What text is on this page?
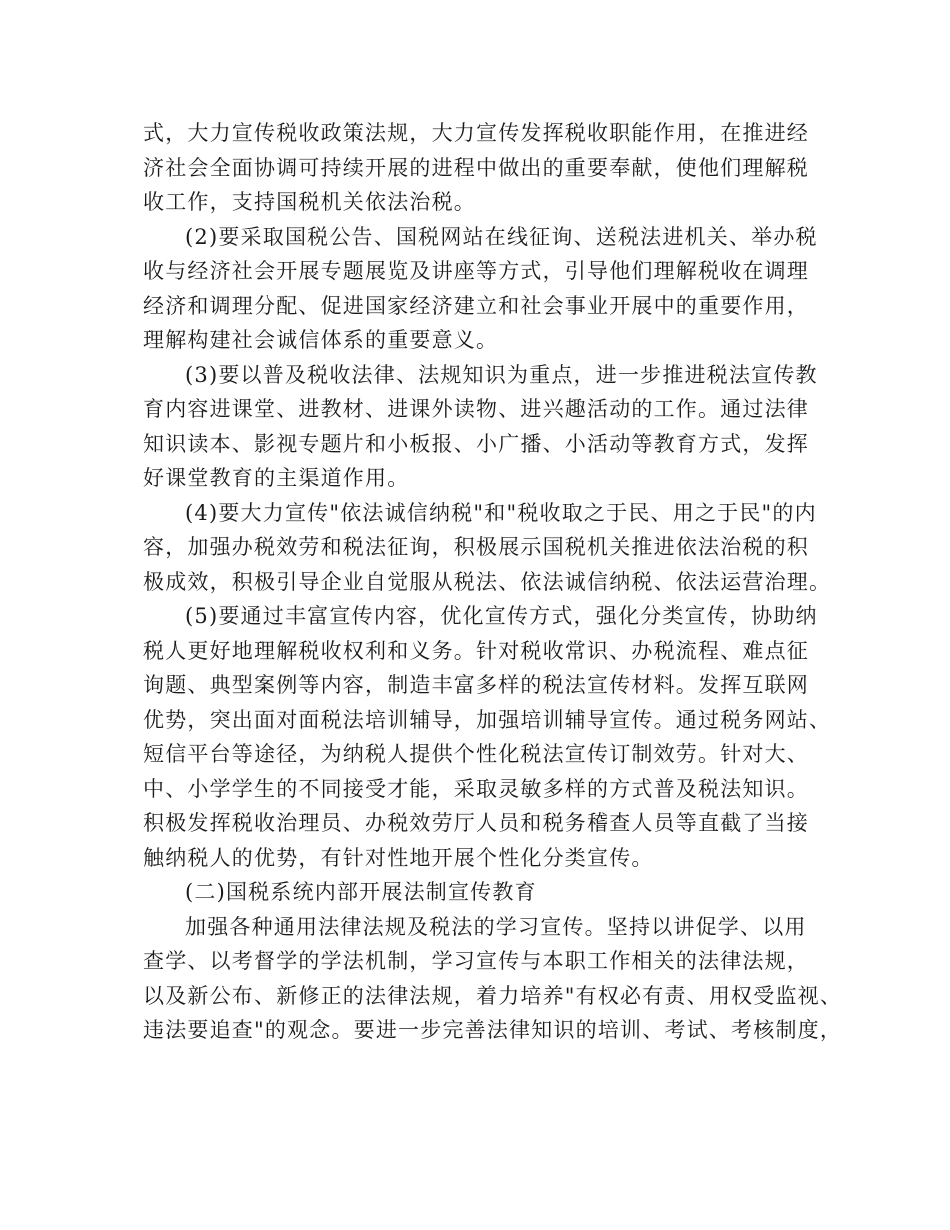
式，大力宣传税收政策法规，大力宣传发挥税收职能作用，在推进经
济社会全面协调可持续开展的进程中做出的重要奉献，使他们理解税
收工作，支持国税机关依法治税。
(2)要采取国税公告、国税网站在线征询、送税法进机关、举办税
收与经济社会开展专题展览及讲座等方式，引导他们理解税收在调理
经济和调理分配、促进国家经济建立和社会事业开展中的重要作用，
理解构建社会诚信体系的重要意义。
(3)要以普及税收法律、法规知识为重点，进一步推进税法宣传教
育内容进课堂、进教材、进课外读物、进兴趣活动的工作。通过法律
知识读本、影视专题片和小板报、小广播、小活动等教育方式，发挥
好课堂教育的主渠道作用。
(4)要大力宣传"依法诚信纳税"和"税收取之于民、用之于民"的内
容，加强办税效劳和税法征询，积极展示国税机关推进依法治税的积
极成效，积极引导企业自觉服从税法、依法诚信纳税、依法运营治理。
(5)要通过丰富宣传内容，优化宣传方式，强化分类宣传，协助纳
税人更好地理解税收权利和义务。针对税收常识、办税流程、难点征
询题、典型案例等内容，制造丰富多样的税法宣传材料。发挥互联网
优势，突出面对面税法培训辅导，加强培训辅导宣传。通过税务网站、
短信平台等途径，为纳税人提供个性化税法宣传订制效劳。针对大、
中、小学学生的不同接受才能，采取灵敏多样的方式普及税法知识。
积极发挥税收治理员、办税效劳厅人员和税务稽查人员等直截了当接
触纳税人的优势，有针对性地开展个性化分类宣传。
(二)国税系统内部开展法制宣传教育
加强各种通用法律法规及税法的学习宣传。坚持以讲促学、以用
查学、以考督学的学法机制，学习宣传与本职工作相关的法律法规，
以及新公布、新修正的法律法规，着力培养"有权必有责、用权受监视、
违法要追查"的观念。要进一步完善法律知识的培训、考试、考核制度，
